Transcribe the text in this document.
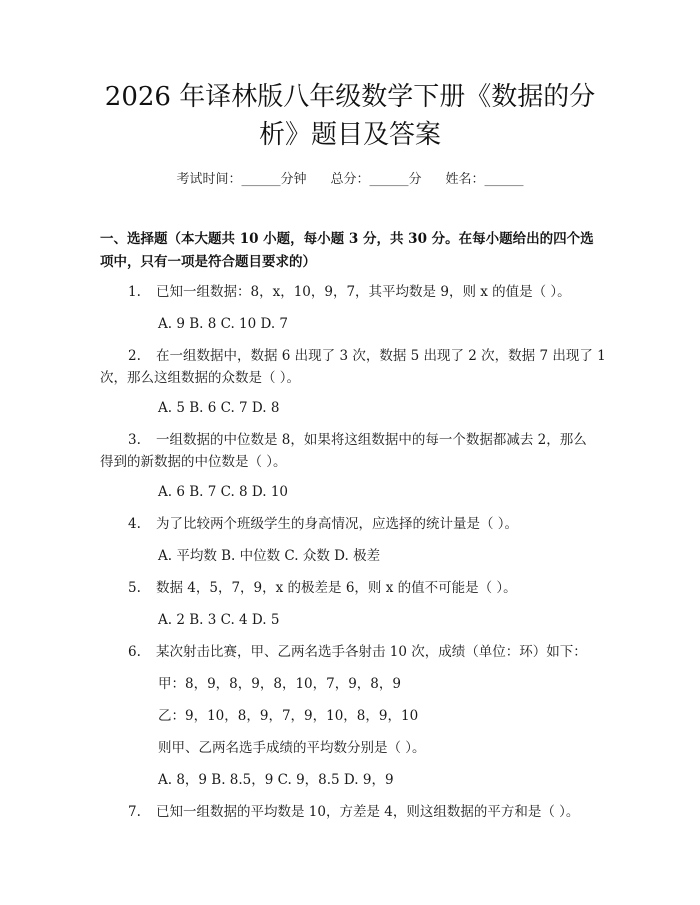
2026 年译林版八年级数学下册《数据的分
析》题目及答案
考试时间：______分钟 总分：______分 姓名：______
一、选择题（本大题共 10 小题，每小题 3 分，共 30 分。在每小题给出的四个选
项中，只有一项是符合题目要求的）
1. 已知一组数据：8，x，10，9，7，其平均数是 9，则 x 的值是（ ）。
A. 9 B. 8 C. 10 D. 7
2. 在一组数据中，数据 6 出现了 3 次，数据 5 出现了 2 次，数据 7 出现了 1
次，那么这组数据的众数是（ ）。
A. 5 B. 6 C. 7 D. 8
3. 一组数据的中位数是 8，如果将这组数据中的每一个数据都减去 2，那么
得到的新数据的中位数是（ ）。
A. 6 B. 7 C. 8 D. 10
4. 为了比较两个班级学生的身高情况，应选择的统计量是（ ）。
A. 平均数 B. 中位数 C. 众数 D. 极差
5. 数据 4，5，7，9，x 的极差是 6，则 x 的值不可能是（ ）。
A. 2 B. 3 C. 4 D. 5
6. 某次射击比赛，甲、乙两名选手各射击 10 次，成绩（单位：环）如下：
甲：8，9，8，9，8，10，7，9，8，9
乙：9，10，8，9，7，9，10，8，9，10
则甲、乙两名选手成绩的平均数分别是（ ）。
A. 8，9 B. 8.5，9 C. 9，8.5 D. 9，9
7. 已知一组数据的平均数是 10，方差是 4，则这组数据的平方和是（ ）。
